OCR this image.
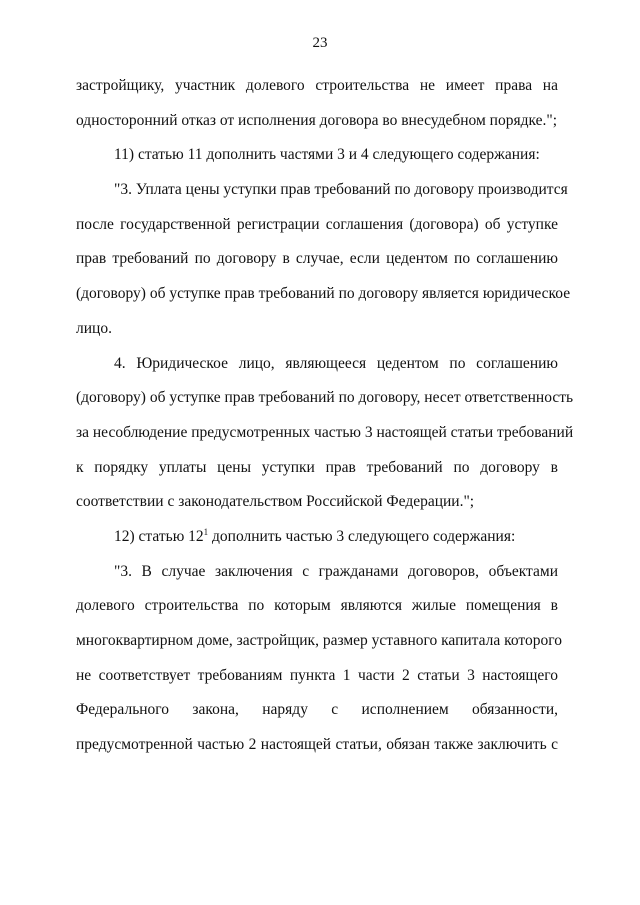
23
застройщику, участник долевого строительства не имеет права на
односторонний отказ от исполнения договора во внесудебном порядке.";
11) статью 11 дополнить частями 3 и 4 следующего содержания:
"3. Уплата цены уступки прав требований по договору производится
после государственной регистрации соглашения (договора) об уступке
прав требований по договору в случае, если цедентом по соглашению
(договору) об уступке прав требований по договору является юридическое
лицо.
4. Юридическое лицо, являющееся цедентом по соглашению
(договору) об уступке прав требований по договору, несет ответственность
за несоблюдение предусмотренных частью 3 настоящей статьи требований
к порядку уплаты цены уступки прав требований по договору в
соответствии с законодательством Российской Федерации.";
12) статью $12^1$ дополнить частью 3 следующего содержания:
"3. В случае заключения с гражданами договоров, объектами
долевого строительства по которым являются жилые помещения в
многоквартирном доме, застройщик, размер уставного капитала которого
не соответствует требованиям пункта 1 части 2 статьи 3 настоящего
Федерального закона, наряду с исполнением обязанности,
предусмотренной частью 2 настоящей статьи, обязан также заключить с
